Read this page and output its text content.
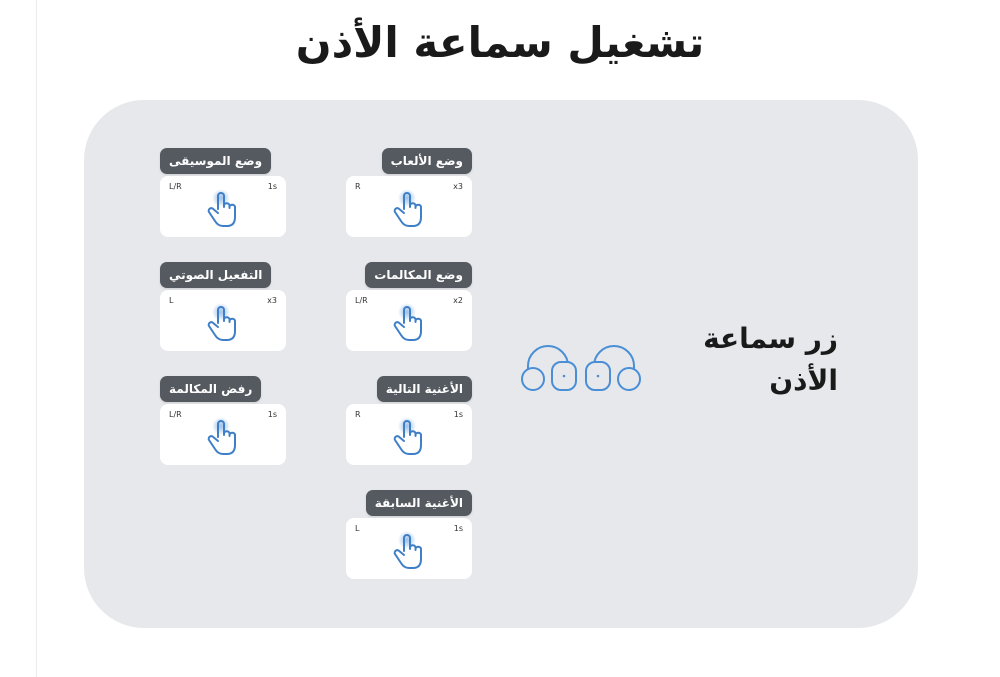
تشغيل سماعة الأذن
زر سماعة
الأذن
وضع الألعاب
R	x3
وضع المكالمات
L/R	x2
الأغنية التالية
R	1s
الأغنية السابقة
L	1s
وضع الموسيقى
L/R	1s
التفعيل الصوتي
L	x3
رفض المكالمة
L/R	1s
